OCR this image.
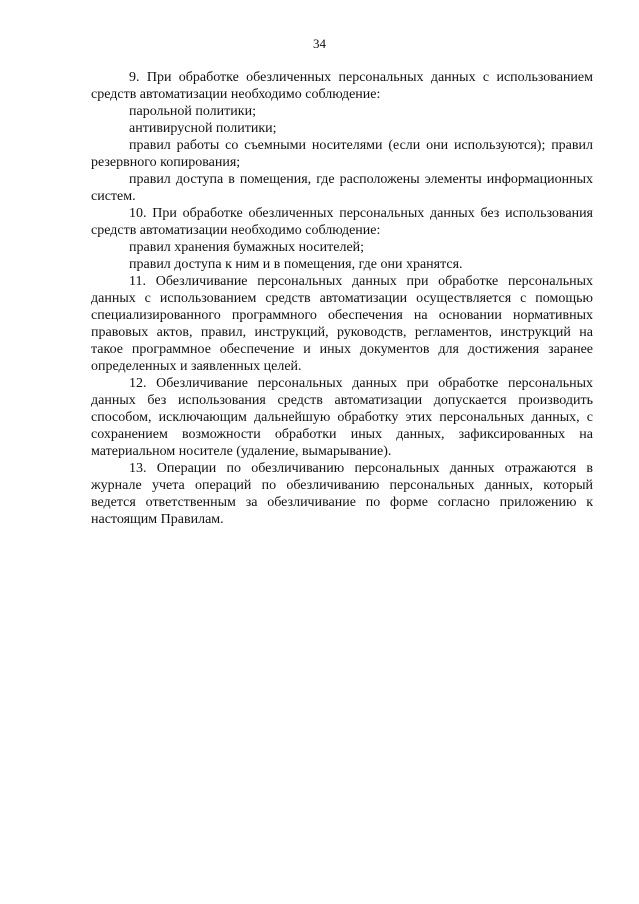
34

9. При обработке обезличенных персональных данных с использованием средств автоматизации необходимо соблюдение:

парольной политики;

антивирусной политики;

правил работы со съемными носителями (если они используются); правил резервного копирования;

правил доступа в помещения, где расположены элементы информационных систем.

10. При обработке обезличенных персональных данных без использования средств автоматизации необходимо соблюдение:

правил хранения бумажных носителей;

правил доступа к ним и в помещения, где они хранятся.

11. Обезличивание персональных данных при обработке персональных данных с использованием средств автоматизации осуществляется с помощью специализированного программного обеспечения на основании нормативных правовых актов, правил, инструкций, руководств, регламентов, инструкций на такое программное обеспечение и иных документов для достижения заранее определенных и заявленных целей.

12. Обезличивание персональных данных при обработке персональных данных без использования средств автоматизации допускается производить способом, исключающим дальнейшую обработку этих персональных данных, с сохранением возможности обработки иных данных, зафиксированных на материальном носителе (удаление, вымарывание).

13. Операции по обезличиванию персональных данных отражаются в журнале учета операций по обезличиванию персональных данных, который ведется ответственным за обезличивание по форме согласно приложению к настоящим Правилам.
